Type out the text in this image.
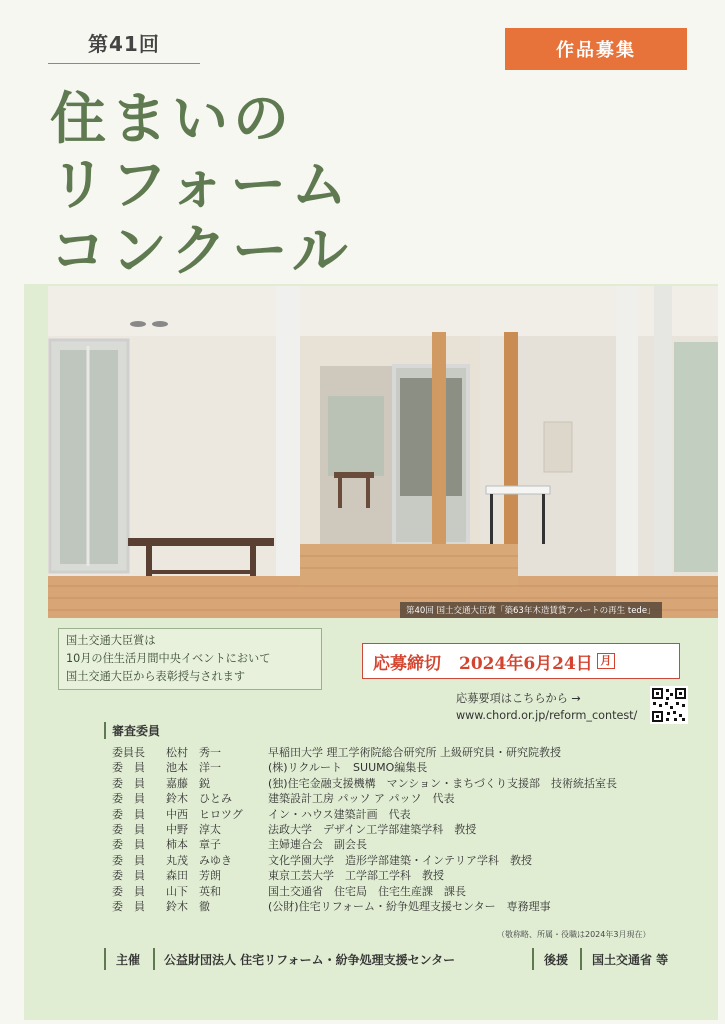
第41回	作品募集
住まいの
リフォーム
コンクール
第40回 国土交通大臣賞「築63年木造賃貸アパートの再生 tede」
国土交通大臣賞は
10月の住生活月間中央イベントにおいて
国土交通大臣から表彰授与されます
応募締切 2024年6月24日 月
応募要項はこちらから →
www.chord.or.jp/reform_contest/
審査委員
委員長	松村　秀一	早稲田大学 理工学術院総合研究所 上級研究員・研究院教授
委　員	池本　洋一	(株)リクルート　SUUMO編集長
委　員	嘉藤　鋭	(独)住宅金融支援機構　マンション・まちづくり支援部　技術統括室長
委　員	鈴木　ひとみ	建築設計工房 パッソ ア パッソ　代表
委　員	中西　ヒロツグ	イン・ハウス建築計画　代表
委　員	中野　淳太	法政大学　デザイン工学部建築学科　教授
委　員	柿本　章子	主婦連合会　副会長
委　員	丸茂　みゆき	文化学園大学　造形学部建築・インテリア学科　教授
委　員	森田　芳朗	東京工芸大学　工学部工学科　教授
委　員	山下　英和	国土交通省　住宅局　住宅生産課　課長
委　員	鈴木　徹	(公財)住宅リフォーム・紛争処理支援センター　専務理事
（敬称略、所属・役職は2024年3月現在）
主催 公益財団法人 住宅リフォーム・紛争処理支援センター	後援 国土交通省 等
